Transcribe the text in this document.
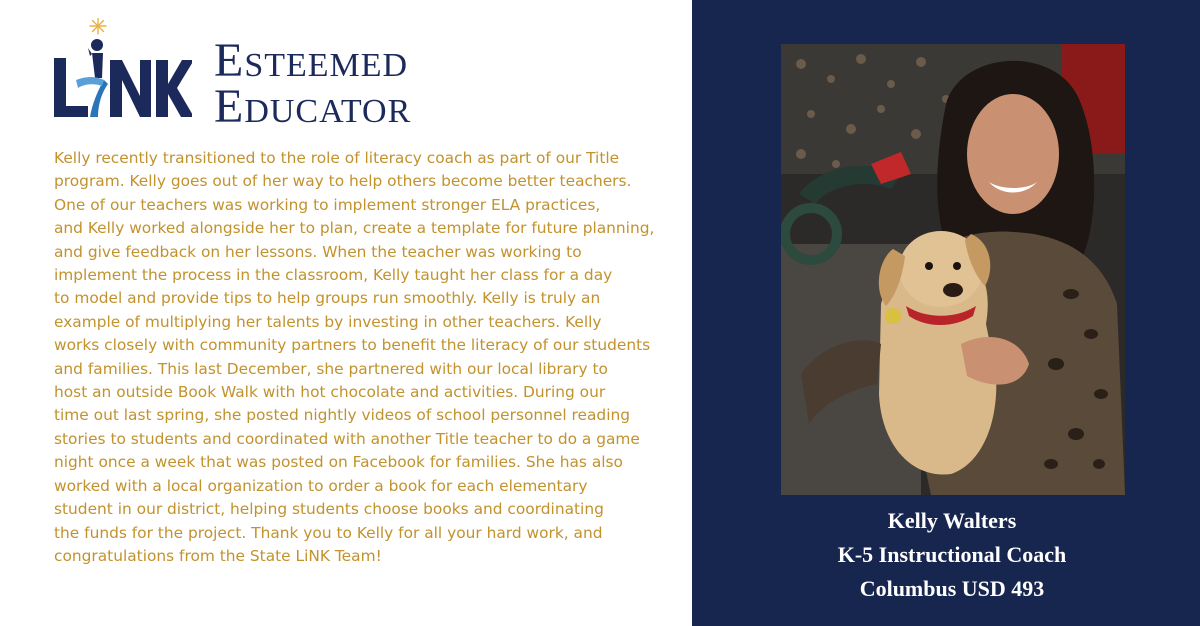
Esteemed
Educator

Kelly recently transitioned to the role of literacy coach as part of our Title
program. Kelly goes out of her way to help others become better teachers.
One of our teachers was working to implement stronger ELA practices,
and Kelly worked alongside her to plan, create a template for future planning,
and give feedback on her lessons. When the teacher was working to
implement the process in the classroom, Kelly taught her class for a day
to model and provide tips to help groups run smoothly. Kelly is truly an
example of multiplying her talents by investing in other teachers. Kelly
works closely with community partners to benefit the literacy of our students
and families. This last December, she partnered with our local library to
host an outside Book Walk with hot chocolate and activities. During our
time out last spring, she posted nightly videos of school personnel reading
stories to students and coordinated with another Title teacher to do a game
night once a week that was posted on Facebook for families. She has also
worked with a local organization to order a book for each elementary
student in our district, helping students choose books and coordinating
the funds for the project. Thank you to Kelly for all your hard work, and
congratulations from the State LiNK Team!

Kelly Walters
K-5 Instructional Coach
Columbus USD 493
